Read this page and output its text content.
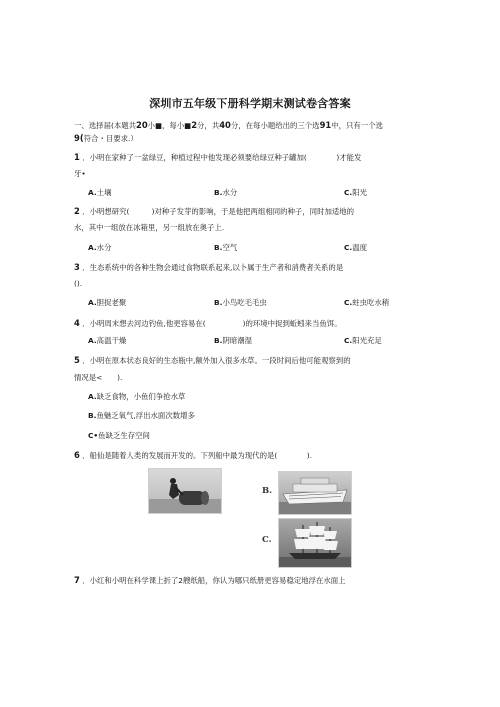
深圳市五年级下册科学期末测试卷含答案
一、选择届(本题共20小■，每小■2分，共40分，在每小题给出的三个选91中，只有一个选
9(符合・目要求.）
1 ．小明在家种了一盆绿豆，种植过程中他发现必须要给绿豆种子罐加(　　　　)才能发
牙•
A.土壤	B.水分	C.阳光
2 ．小明想研究(　　　)对种子发芽的影响，于是他把两组相同的种子，同时加适地的
水，其中一组放在冰箱里，另一组放在奥子上.
A.水分	B.空气	C.温度
3 ．生态系统中的各种生物会通过食物联系起来,以卜属于生产者和消费者关系的是
().
A.胆捉老聚	B.小鸟吃毛毛虫	C.蛀虫吃水稍
4 ．小明周末想去河边钓鱼,他更容易在(　　　　　)的环境中捉到蚯蚓来当鱼饵。
A.高温干燥	B.阴暗潮湿	C.阳光充足
5 ．小明在原本状态良好的生态瓶中,额外加入很多水草。一段时间后他可能观察到的
情况是<　　).
A.缺乏食物，小鱼们争抢水草
B.鱼魅乏氧气,浮出水面次数增多
C•鱼缺乏生存空间
6 ．船仙是随着人类的发展而开发的。下列船中最为现代的是(　　　　).
B.
C.
7 ．小红和小明在科学课上折了2艘纸船，你认为哪只纸册更容易稳定地浮在水面上
